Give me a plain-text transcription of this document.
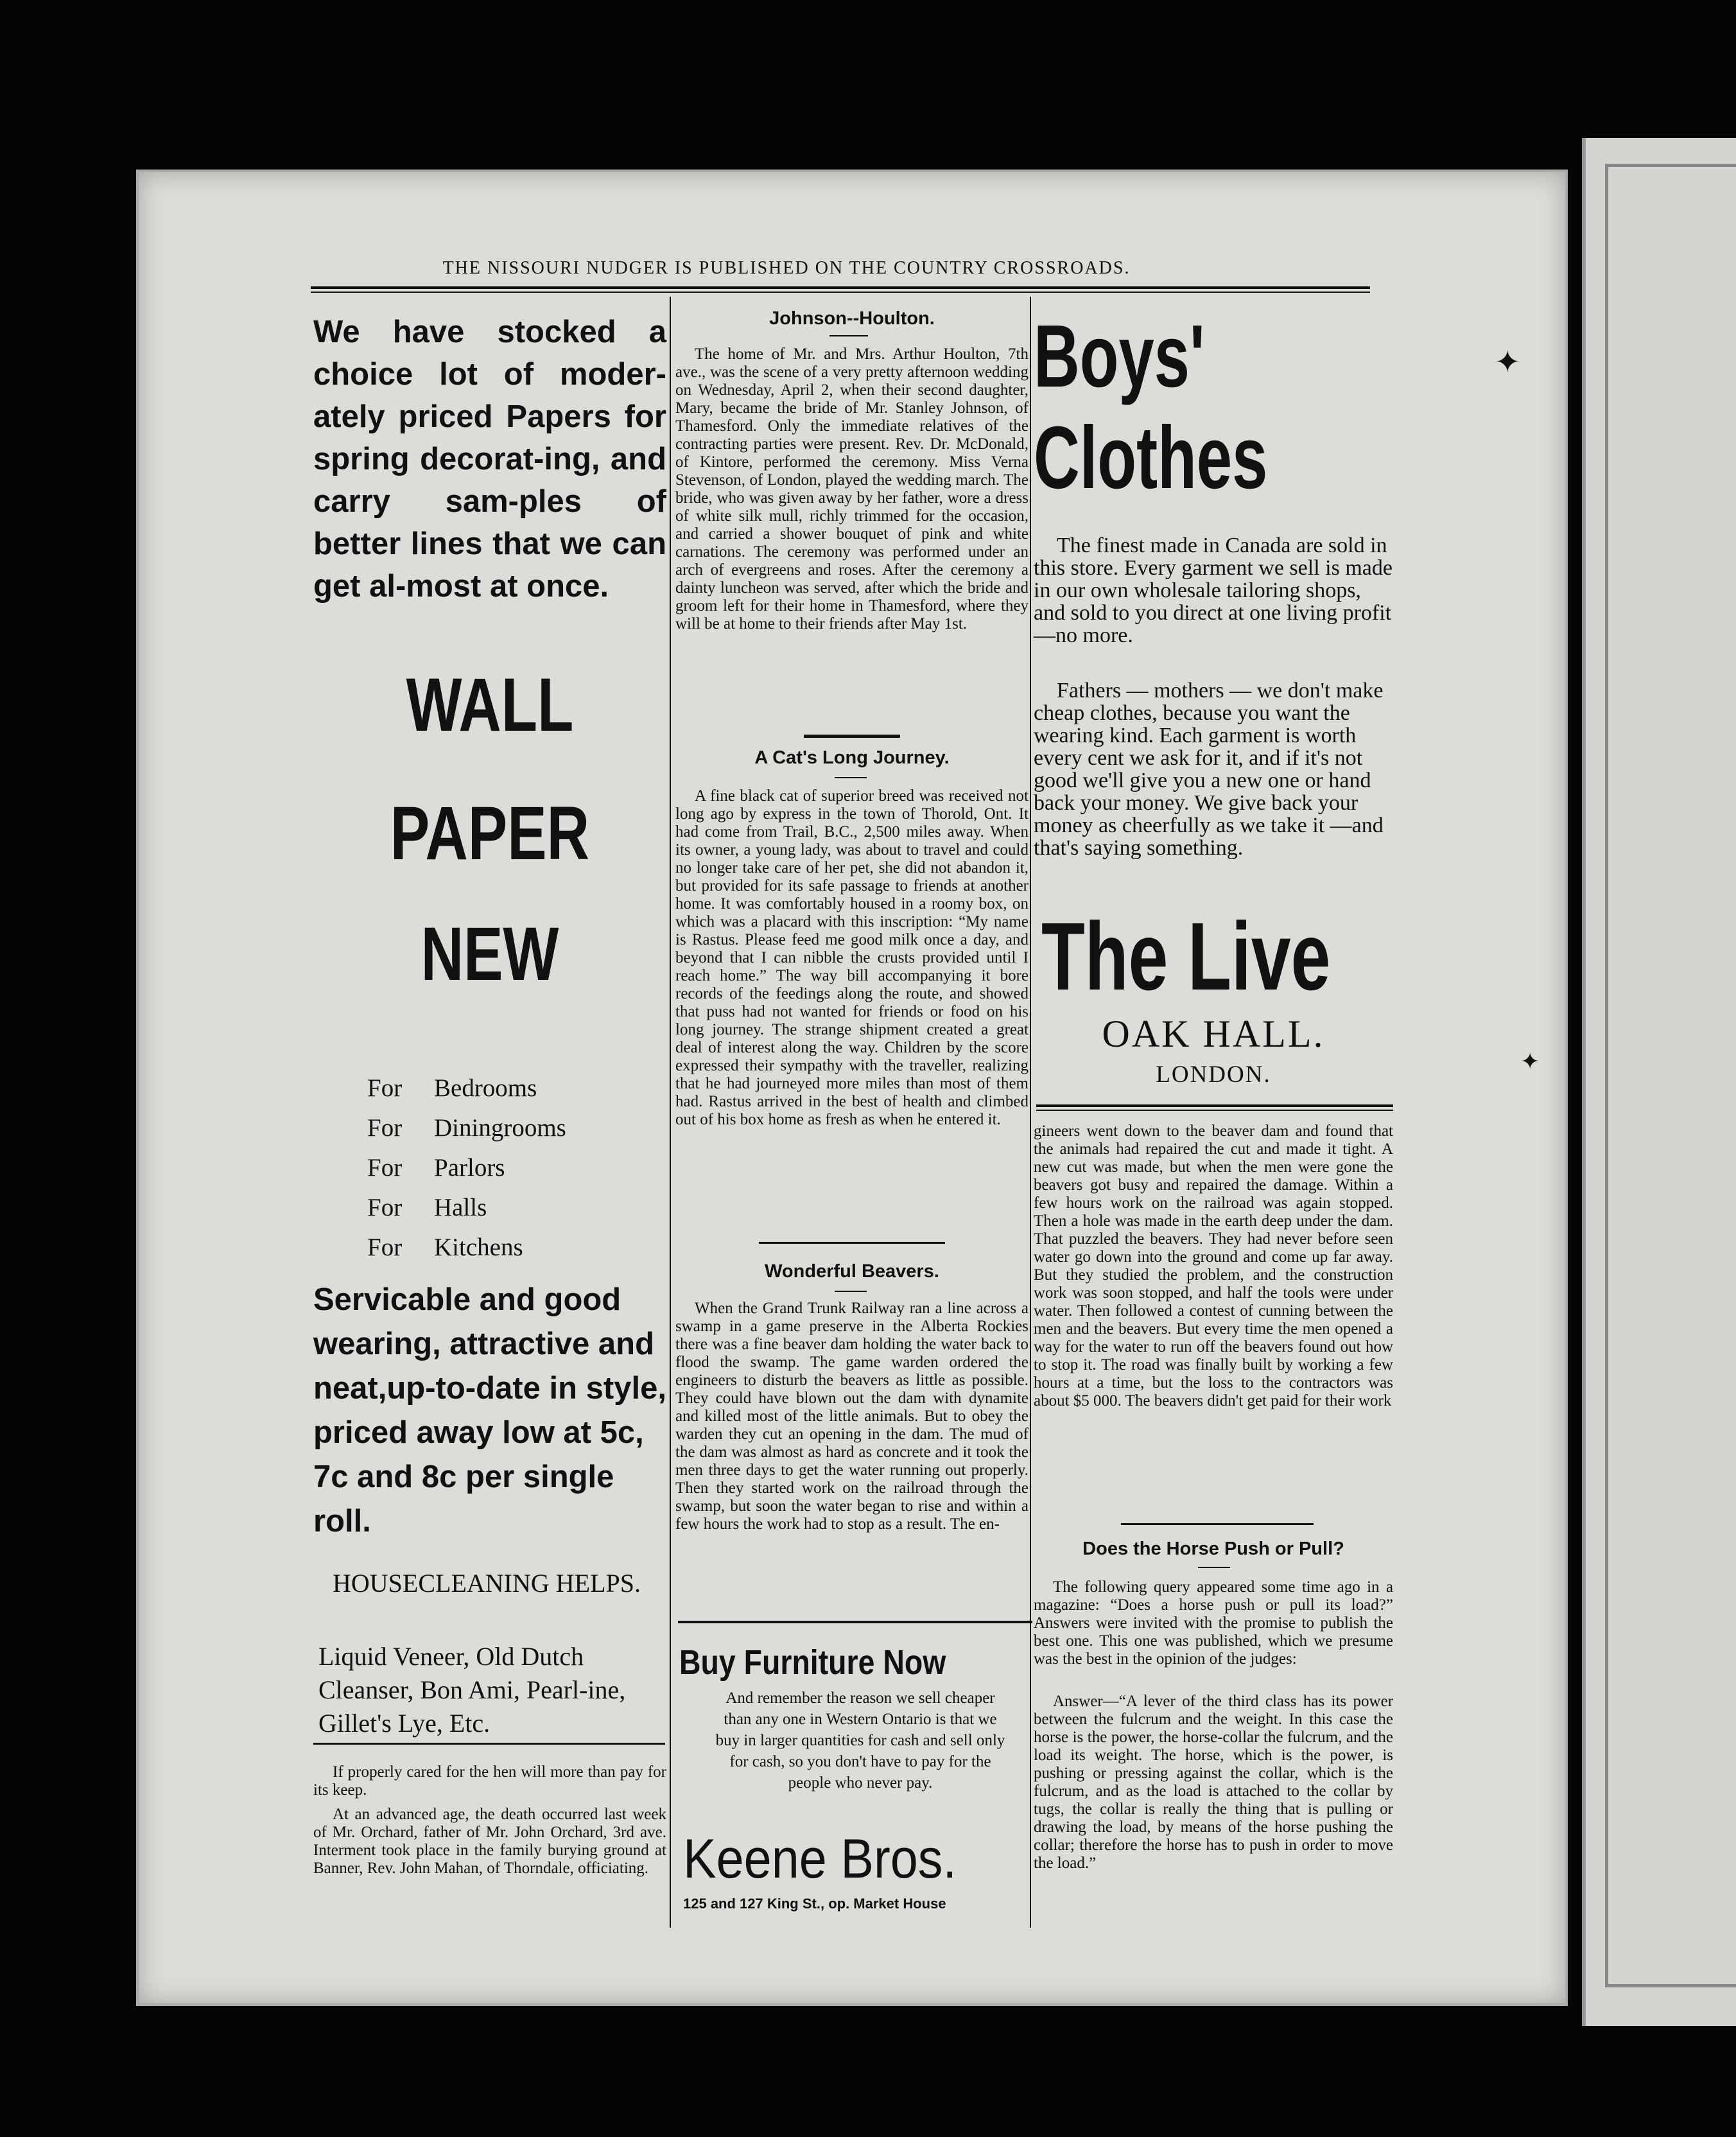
THE NISSOURI NUDGER IS PUBLISHED ON THE COUNTRY CROSSROADS.
We have stocked a choice lot of moder-ately priced Papers for spring decorat-ing, and carry sam-ples of better lines that we can get al-most at once.
WALL
PAPER
NEW
For Bedrooms
For Diningrooms
For Parlors
For Halls
For Kitchens
Servicable and good wearing, attractive and neat,up-to-date in style, priced away low at 5c, 7c and 8c per single roll.
HOUSECLEANING HELPS.
Liquid Veneer, Old Dutch Cleanser, Bon Ami, Pearl-ine, Gillet's Lye, Etc.
If properly cared for the hen will more than pay for its keep.
At an advanced age, the death occurred last week of Mr. Orchard, father of Mr. John Orchard, 3rd ave. Interment took place in the family burying ground at Banner, Rev. John Mahan, of Thorndale, officiating.
Johnson--Houlton.
The home of Mr. and Mrs. Arthur Houlton, 7th ave., was the scene of a very pretty afternoon wedding on Wednesday, April 2, when their second daughter, Mary, became the bride of Mr. Stanley Johnson, of Thamesford. Only the immediate relatives of the contracting parties were present. Rev. Dr. McDonald, of Kintore, performed the ceremony. Miss Verna Stevenson, of London, played the wedding march. The bride, who was given away by her father, wore a dress of white silk mull, richly trimmed for the occasion, and carried a shower bouquet of pink and white carnations. The ceremony was performed under an arch of evergreens and roses. After the ceremony a dainty luncheon was served, after which the bride and groom left for their home in Thamesford, where they will be at home to their friends after May 1st.
A Cat's Long Journey.
A fine black cat of superior breed was received not long ago by express in the town of Thorold, Ont. It had come from Trail, B.C., 2,500 miles away. When its owner, a young lady, was about to travel and could no longer take care of her pet, she did not abandon it, but provided for its safe passage to friends at another home. It was comfortably housed in a roomy box, on which was a placard with this inscription: “My name is Rastus. Please feed me good milk once a day, and beyond that I can nibble the crusts provided until I reach home.” The way bill accompanying it bore records of the feedings along the route, and showed that puss had not wanted for friends or food on his long journey. The strange shipment created a great deal of interest along the way. Children by the score expressed their sympathy with the traveller, realizing that he had journeyed more miles than most of them had. Rastus arrived in the best of health and climbed out of his box home as fresh as when he entered it.
Wonderful Beavers.
When the Grand Trunk Railway ran a line across a swamp in a game preserve in the Alberta Rockies there was a fine beaver dam holding the water back to flood the swamp. The game warden ordered the engineers to disturb the beavers as little as possible. They could have blown out the dam with dynamite and killed most of the little animals. But to obey the warden they cut an opening in the dam. The mud of the dam was almost as hard as concrete and it took the men three days to get the water running out properly. Then they started work on the railroad through the swamp, but soon the water began to rise and within a few hours the work had to stop as a result. The en-
Buy Furniture Now
And remember the reason we sell cheaper than any one in Western Ontario is that we buy in larger quantities for cash and sell only for cash, so you don't have to pay for the people who never pay.
Keene Bros.
125 and 127 King St., op. Market House
Boys'
Clothes
The finest made in Canada are sold in this store. Every garment we sell is made in our own wholesale tailoring shops, and sold to you direct at one living profit—no more.
Fathers — mothers — we don't make cheap clothes, because you want the wearing kind. Each garment is worth every cent we ask for it, and if it's not good we'll give you a new one or hand back your money. We give back your money as cheerfully as we take it —and that's saying something.
The Live
OAK HALL.
LONDON.
gineers went down to the beaver dam and found that the animals had repaired the cut and made it tight. A new cut was made, but when the men were gone the beavers got busy and repaired the damage. Within a few hours work on the railroad was again stopped. Then a hole was made in the earth deep under the dam. That puzzled the beavers. They had never before seen water go down into the ground and come up far away. But they studied the problem, and the construction work was soon stopped, and half the tools were under water. Then followed a contest of cunning between the men and the beavers. But every time the men opened a way for the water to run off the beavers found out how to stop it. The road was finally built by working a few hours at a time, but the loss to the contractors was about $5 000. The beavers didn't get paid for their work
Does the Horse Push or Pull?
The following query appeared some time ago in a magazine: “Does a horse push or pull its load?” Answers were invited with the promise to publish the best one. This one was published, which we presume was the best in the opinion of the judges:
Answer—“A lever of the third class has its power between the fulcrum and the weight. In this case the horse is the power, the horse-collar the fulcrum, and the load its weight. The horse, which is the power, is pushing or pressing against the collar, which is the fulcrum, and as the load is attached to the collar by tugs, the collar is really the thing that is pulling or drawing the load, by means of the horse pushing the collar; therefore the horse has to push in order to move the load.”
✦
✦
